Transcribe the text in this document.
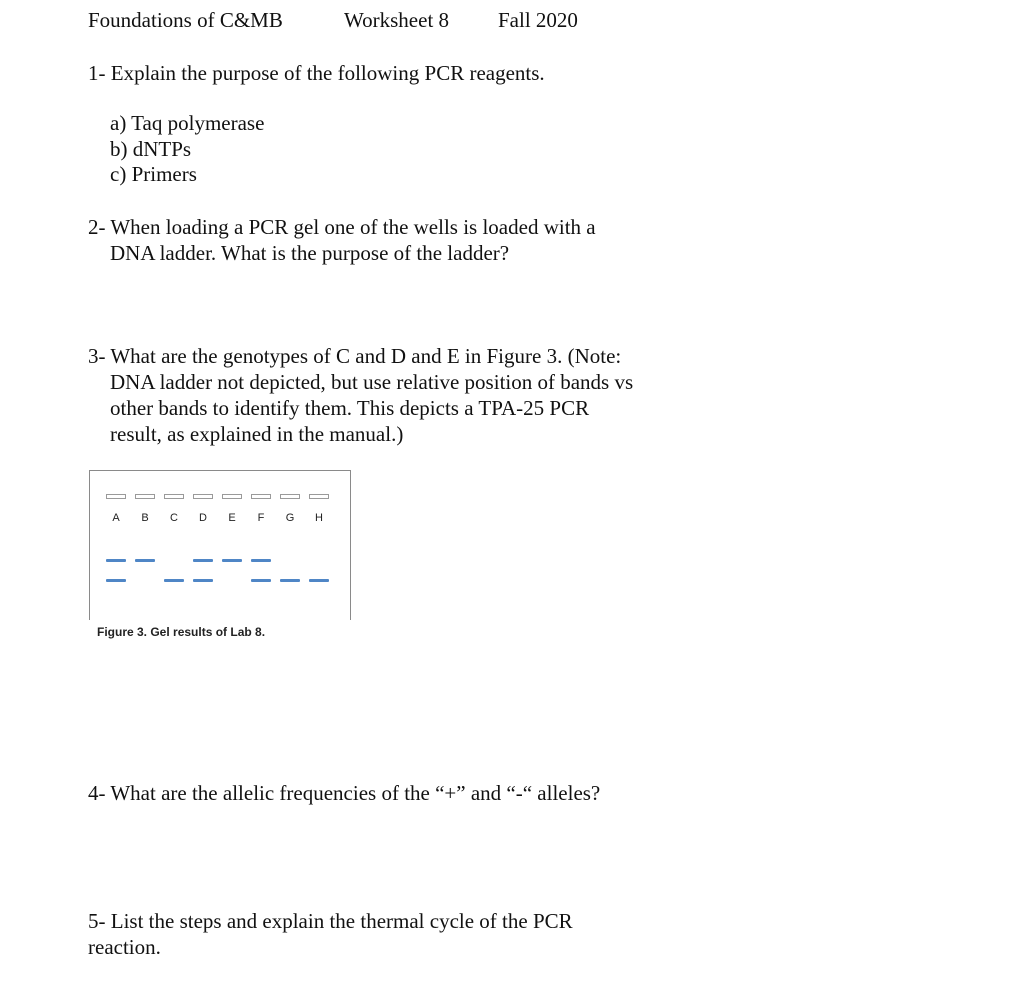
Foundations of C&MB	Worksheet 8 Fall 2020
1- Explain the purpose of the following PCR reagents.
a) Taq polymerase
b) dNTPs
c) Primers
2- When loading a PCR gel one of the wells is loaded with a
DNA ladder. What is the purpose of the ladder?
3- What are the genotypes of C and D and E in Figure 3. (Note:
DNA ladder not depicted, but use relative position of bands vs
other bands to identify them. This depicts a TPA-25 PCR
result, as explained in the manual.)
A	B	C D	E	F	G H
Figure 3. Gel results of Lab 8.
4- What are the allelic frequencies of the “+” and “-“ alleles?
5- List the steps and explain the thermal cycle of the PCR
reaction.
